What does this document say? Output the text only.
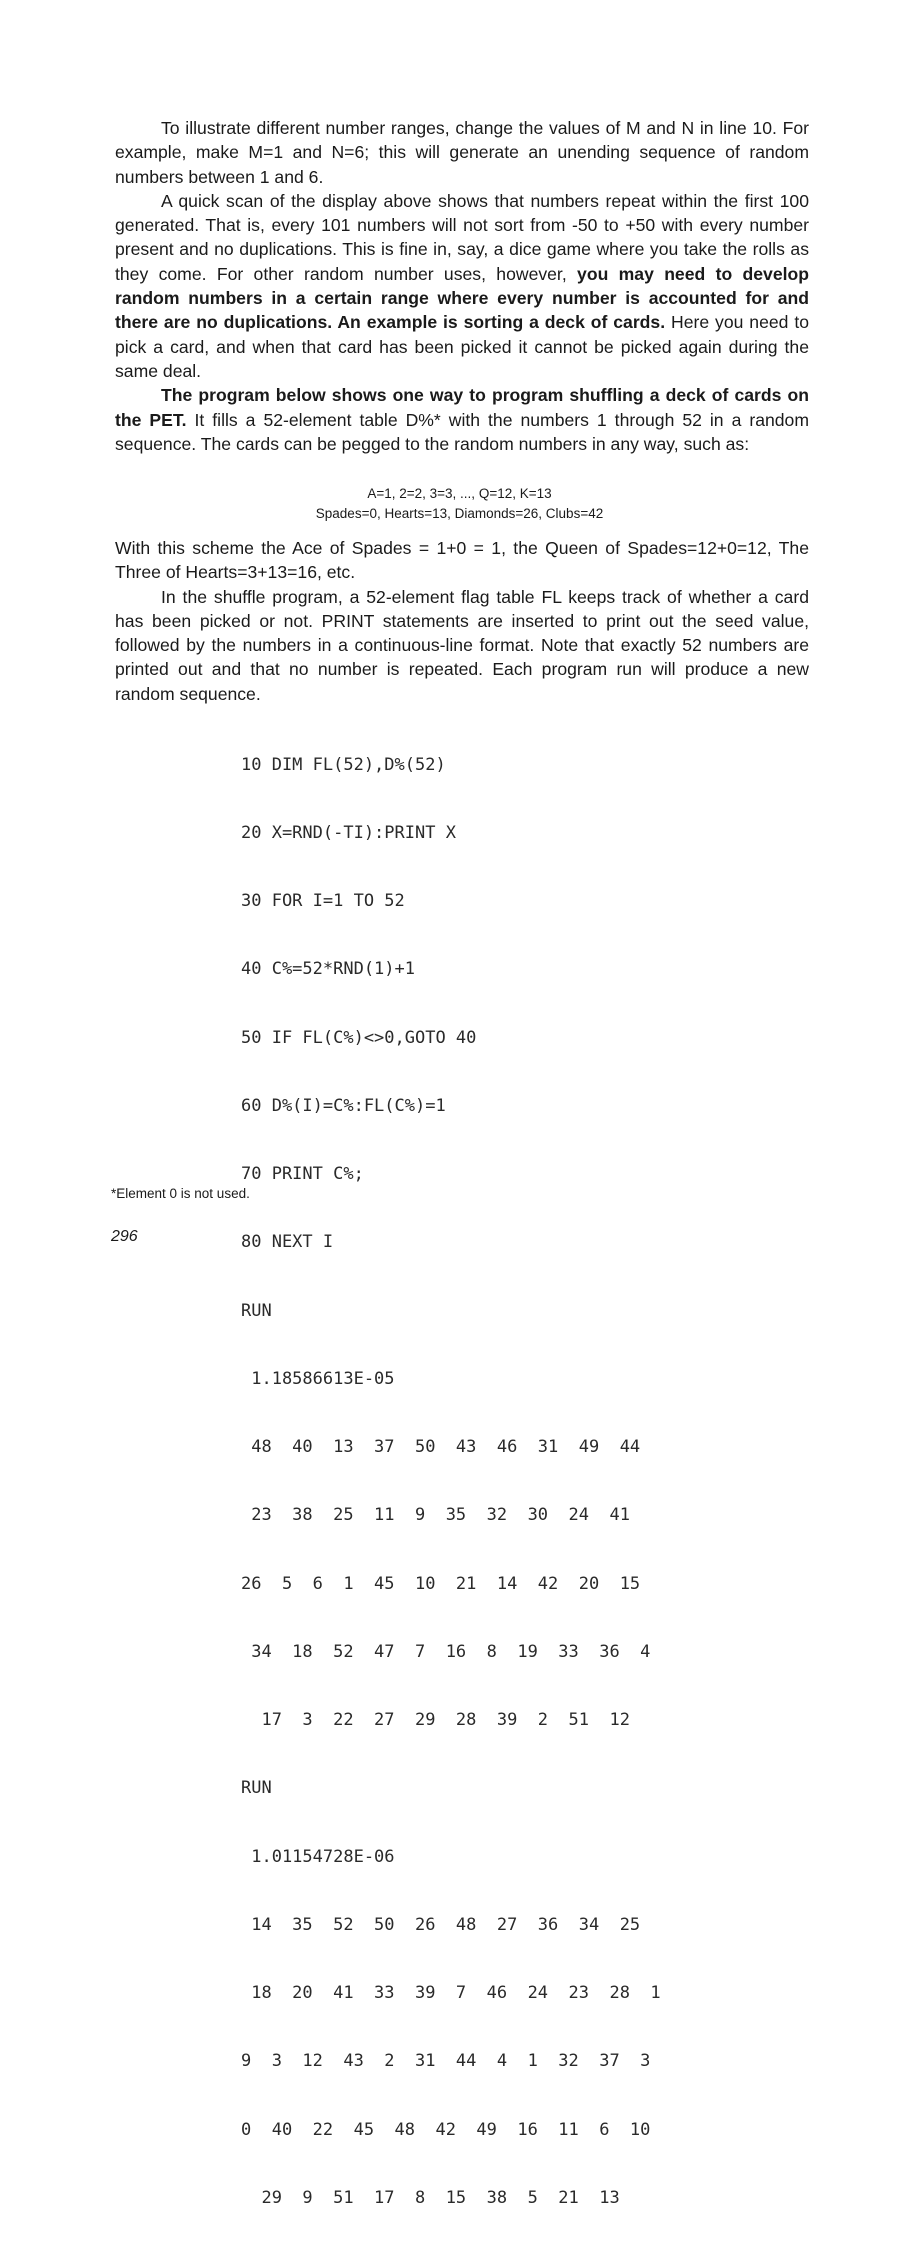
To illustrate different number ranges, change the values of M and N in line 10. For example, make M=1 and N=6; this will generate an unending sequence of random numbers between 1 and 6.

A quick scan of the display above shows that numbers repeat within the first 100 generated. That is, every 101 numbers will not sort from -50 to +50 with every number present and no duplications. This is fine in, say, a dice game where you take the rolls as they come. For other random number uses, however, you may need to develop random numbers in a certain range where every number is accounted for and there are no duplications. An example is sorting a deck of cards. Here you need to pick a card, and when that card has been picked it cannot be picked again during the same deal.

The program below shows one way to program shuffling a deck of cards on the PET. It fills a 52-element table D%* with the numbers 1 through 52 in a random sequence. The cards can be pegged to the random numbers in any way, such as:

A=1, 2=2, 3=3, ..., Q=12, K=13
Spades=0, Hearts=13, Diamonds=26, Clubs=42

With this scheme the Ace of Spades = 1+0 = 1, the Queen of Spades=12+0=12, The Three of Hearts=3+13=16, etc.

In the shuffle program, a 52-element flag table FL keeps track of whether a card has been picked or not. PRINT statements are inserted to print out the seed value, followed by the numbers in a continuous-line format. Note that exactly 52 numbers are printed out and that no number is repeated. Each program run will produce a new random sequence.

10 DIM FL(52),D%(52)

20 X=RND(-TI):PRINT X

30 FOR I=1 TO 52

40 C%=52*RND(1)+1

50 IF FL(C%)<>0,GOTO 40

60 D%(I)=C%:FL(C%)=1

70 PRINT C%;

80 NEXT I

RUN

1.18586613E-05

48  40  13  37  50  43  46  31  49  44

23  38  25  11  9  35  32  30  24  41

26  5  6  1  45  10  21  14  42  20  15

34  18  52  47  7  16  8  19  33  36  4

17  3  22  27  29  28  39  2  51  12

RUN

1.01154728E-06

14  35  52  50  26  48  27  36  34  25

18  20  41  33  39  7  46  24  23  28  1

9  3  12  43  2  31  44  4  1  32  37  3

0  40  22  45  48  42  49  16  11  6  10

29  9  51  17  8  15  38  5  21  13

*Element 0 is not used.
296
